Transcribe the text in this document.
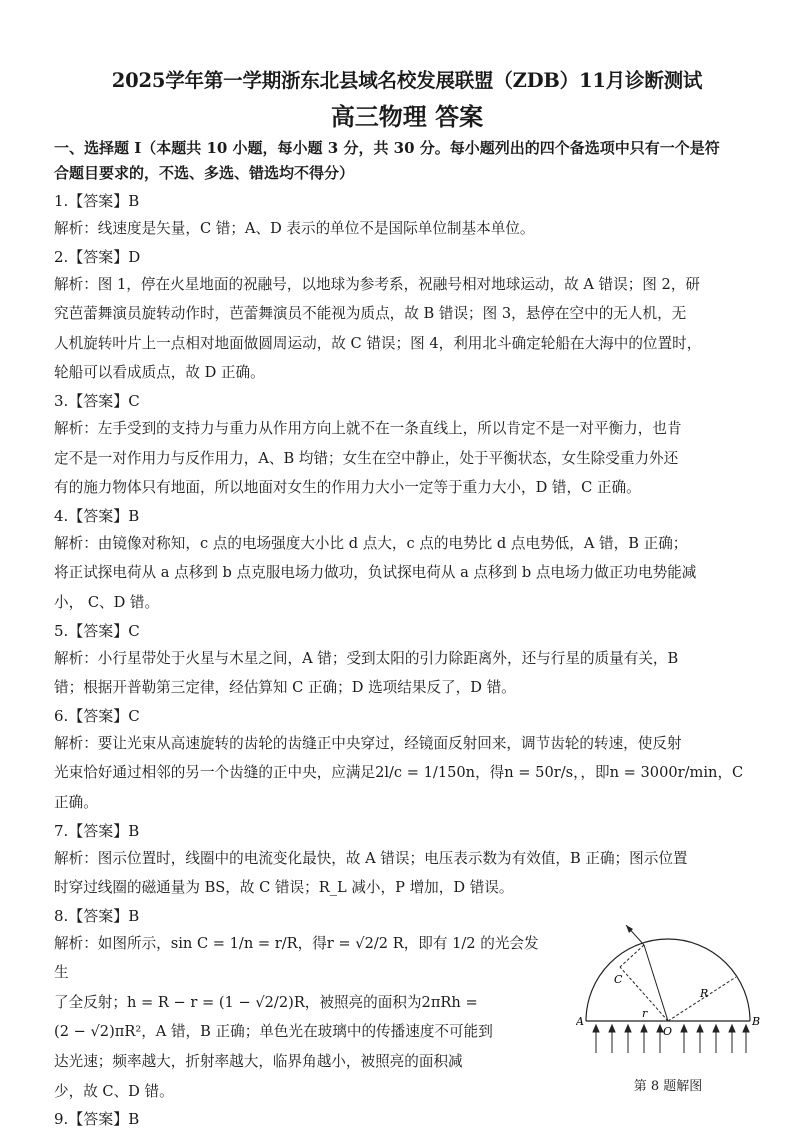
2025学年第一学期浙东北县域名校发展联盟（ZDB）11月诊断测试
高三物理 答案
一、选择题 I（本题共 10 小题，每小题 3 分，共 30 分。每小题列出的四个备选项中只有一个是符
合题目要求的，不选、多选、错选均不得分）

1.【答案】B

解析：线速度是矢量，C 错；A、D 表示的单位不是国际单位制基本单位。

2.【答案】D

解析：图 1，停在火星地面的祝融号，以地球为参考系，祝融号相对地球运动，故 A 错误；图 2，研

究芭蕾舞演员旋转动作时，芭蕾舞演员不能视为质点，故 B 错误；图 3，悬停在空中的无人机，无

人机旋转叶片上一点相对地面做圆周运动，故 C 错误；图 4，利用北斗确定轮船在大海中的位置时，

轮船可以看成质点，故 D 正确。

3.【答案】C

解析：左手受到的支持力与重力从作用方向上就不在一条直线上，所以肯定不是一对平衡力，也肯

定不是一对作用力与反作用力，A、B 均错；女生在空中静止，处于平衡状态，女生除受重力外还

有的施力物体只有地面，所以地面对女生的作用力大小一定等于重力大小，D 错，C 正确。

4.【答案】B

解析：由镜像对称知，c 点的电场强度大小比 d 点大，c 点的电势比 d 点电势低，A 错，B 正确；

将正试探电荷从 a 点移到 b 点克服电场力做功，负试探电荷从 a 点移到 b 点电场力做正功电势能减

小， C、D 错。

5.【答案】C

解析：小行星带处于火星与木星之间，A 错；受到太阳的引力除距离外，还与行星的质量有关，B

错；根据开普勒第三定律，经估算知 C 正确；D 选项结果反了，D 错。

6.【答案】C

解析：要让光束从高速旋转的齿轮的齿缝正中央穿过，经镜面反射回来，调节齿轮的转速，使反射

光束恰好通过相邻的另一个齿缝的正中央，应满足2l/c = 1/150n，得n = 50r/s，，即n = 3000r/min，C

正确。

7.【答案】B

解析：图示位置时，线圈中的电流变化最快，故 A 错误；电压表示数为有效值，B 正确；图示位置

时穿过线圈的磁通量为 BS，故 C 错误；R_L 减小，P 增加，D 错误。

8.【答案】B

解析：如图所示，sin C = 1/n = r/R，得r = √2/2 R，即有 1/2 的光会发生

了全反射；h = R − r = (1 − √2/2)R，被照亮的面积为2πRh =

(2 − √2)πR²，A 错，B 正确；单色光在玻璃中的传播速度不可能到

达光速；频率越大，折射率越大，临界角越小，被照亮的面积减

少，故 C、D 错。

A	B
O
C
r
R
第 8 题解图

9.【答案】B
